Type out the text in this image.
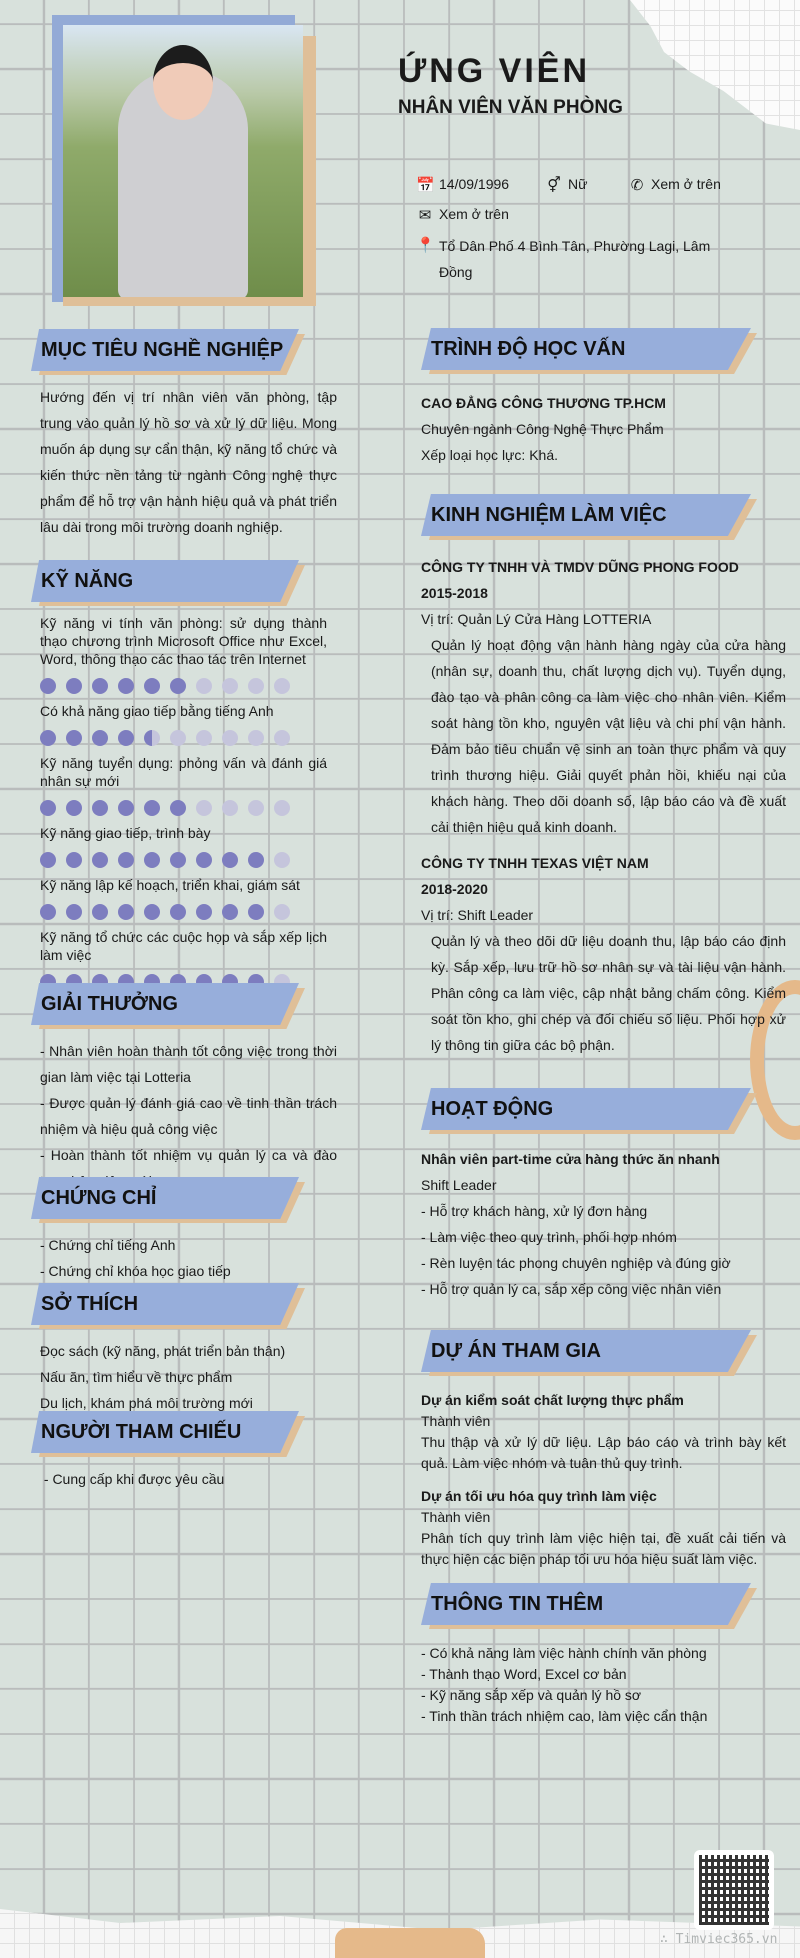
ỨNG VIÊN
NHÂN VIÊN VĂN PHÒNG
📅 14/09/1996	⚥ Nữ	✆ Xem ở trên
✉ Xem ở trên
📍 Tổ Dân Phố 4 Bình Tân, Phường Lagi, Lâm Đồng
MỤC TIÊU NGHỀ NGHIỆP
Hướng đến vị trí nhân viên văn phòng, tập trung vào quản lý hồ sơ và xử lý dữ liệu. Mong muốn áp dụng sự cẩn thận, kỹ năng tổ chức và kiến thức nền tảng từ ngành Công nghệ thực phẩm để hỗ trợ vận hành hiệu quả và phát triển lâu dài trong môi trường doanh nghiệp.
KỸ NĂNG
Kỹ năng vi tính văn phòng: sử dụng thành thạo chương trình Microsoft Office như Excel, Word, thông thạo các thao tác trên Internet
Có khả năng giao tiếp bằng tiếng Anh
Kỹ năng tuyển dụng: phỏng vấn và đánh giá nhân sự mới
Kỹ năng giao tiếp, trình bày
Kỹ năng lập kế hoạch, triển khai, giám sát
Kỹ năng tổ chức các cuộc họp và sắp xếp lịch làm việc
GIẢI THƯỞNG
- Nhân viên hoàn thành tốt công việc trong thời gian làm việc tại Lotteria
- Được quản lý đánh giá cao về tinh thần trách nhiệm và hiệu quả công việc
- Hoàn thành tốt nhiệm vụ quản lý ca và đào
CHỨNG CHỈ
- Chứng chỉ tiếng Anh
- Chứng chỉ khóa học giao tiếp
SỞ THÍCH
Đọc sách (kỹ năng, phát triển bản thân)
Nấu ăn, tìm hiểu về thực phẩm
Du lịch, khám phá môi trường mới
NGƯỜI THAM CHIẾU
- Cung cấp khi được yêu cầu
TRÌNH ĐỘ HỌC VẤN
CAO ĐẲNG CÔNG THƯƠNG TP.HCM
Chuyên ngành Công Nghệ Thực Phẩm
Xếp loại học lực: Khá.
KINH NGHIỆM LÀM VIỆC
CÔNG TY TNHH VÀ TMDV DŨNG PHONG FOOD
2015-2018
Vị trí: Quản Lý Cửa Hàng LOTTERIA
Quản lý hoạt động vận hành hàng ngày của cửa hàng (nhân sự, doanh thu, chất lượng dịch vụ). Tuyển dụng, đào tạo và phân công ca làm việc cho nhân viên. Kiểm soát hàng tồn kho, nguyên vật liệu và chi phí vận hành. Đảm bảo tiêu chuẩn vệ sinh an toàn thực phẩm và quy trình thương hiệu. Giải quyết phản hồi, khiếu nại của khách hàng. Theo dõi doanh số, lập báo cáo và đề xuất cải thiện hiệu quả kinh doanh.
CÔNG TY TNHH TEXAS VIỆT NAM
2018-2020
Vị trí: Shift Leader
Quản lý và theo dõi dữ liệu doanh thu, lập báo cáo định kỳ. Sắp xếp, lưu trữ hồ sơ nhân sự và tài liệu vận hành. Phân công ca làm việc, cập nhật bảng chấm công. Kiểm soát tồn kho, ghi chép và đối chiếu số liệu. Phối hợp xử lý thông tin giữa các bộ phận.
HOẠT ĐỘNG
Nhân viên part-time cửa hàng thức ăn nhanh
Shift Leader
- Hỗ trợ khách hàng, xử lý đơn hàng
- Làm việc theo quy trình, phối hợp nhóm
- Rèn luyện tác phong chuyên nghiệp và đúng giờ
- Hỗ trợ quản lý ca, sắp xếp công việc nhân viên
DỰ ÁN THAM GIA
Dự án kiểm soát chất lượng thực phẩm
Thành viên
Thu thập và xử lý dữ liệu. Lập báo cáo và trình bày kết quả. Làm việc nhóm và tuân thủ quy trình.
Dự án tối ưu hóa quy trình làm việc
Thành viên
Phân tích quy trình làm việc hiện tại, đề xuất cải tiến và thực hiện các biện pháp tối ưu hóa hiệu suất làm việc.
THÔNG TIN THÊM
- Có khả năng làm việc hành chính văn phòng
- Thành thạo Word, Excel cơ bản
- Kỹ năng sắp xếp và quản lý hồ sơ
- Tinh thần trách nhiệm cao, làm việc cẩn thận
∴ Timviec365.vn
